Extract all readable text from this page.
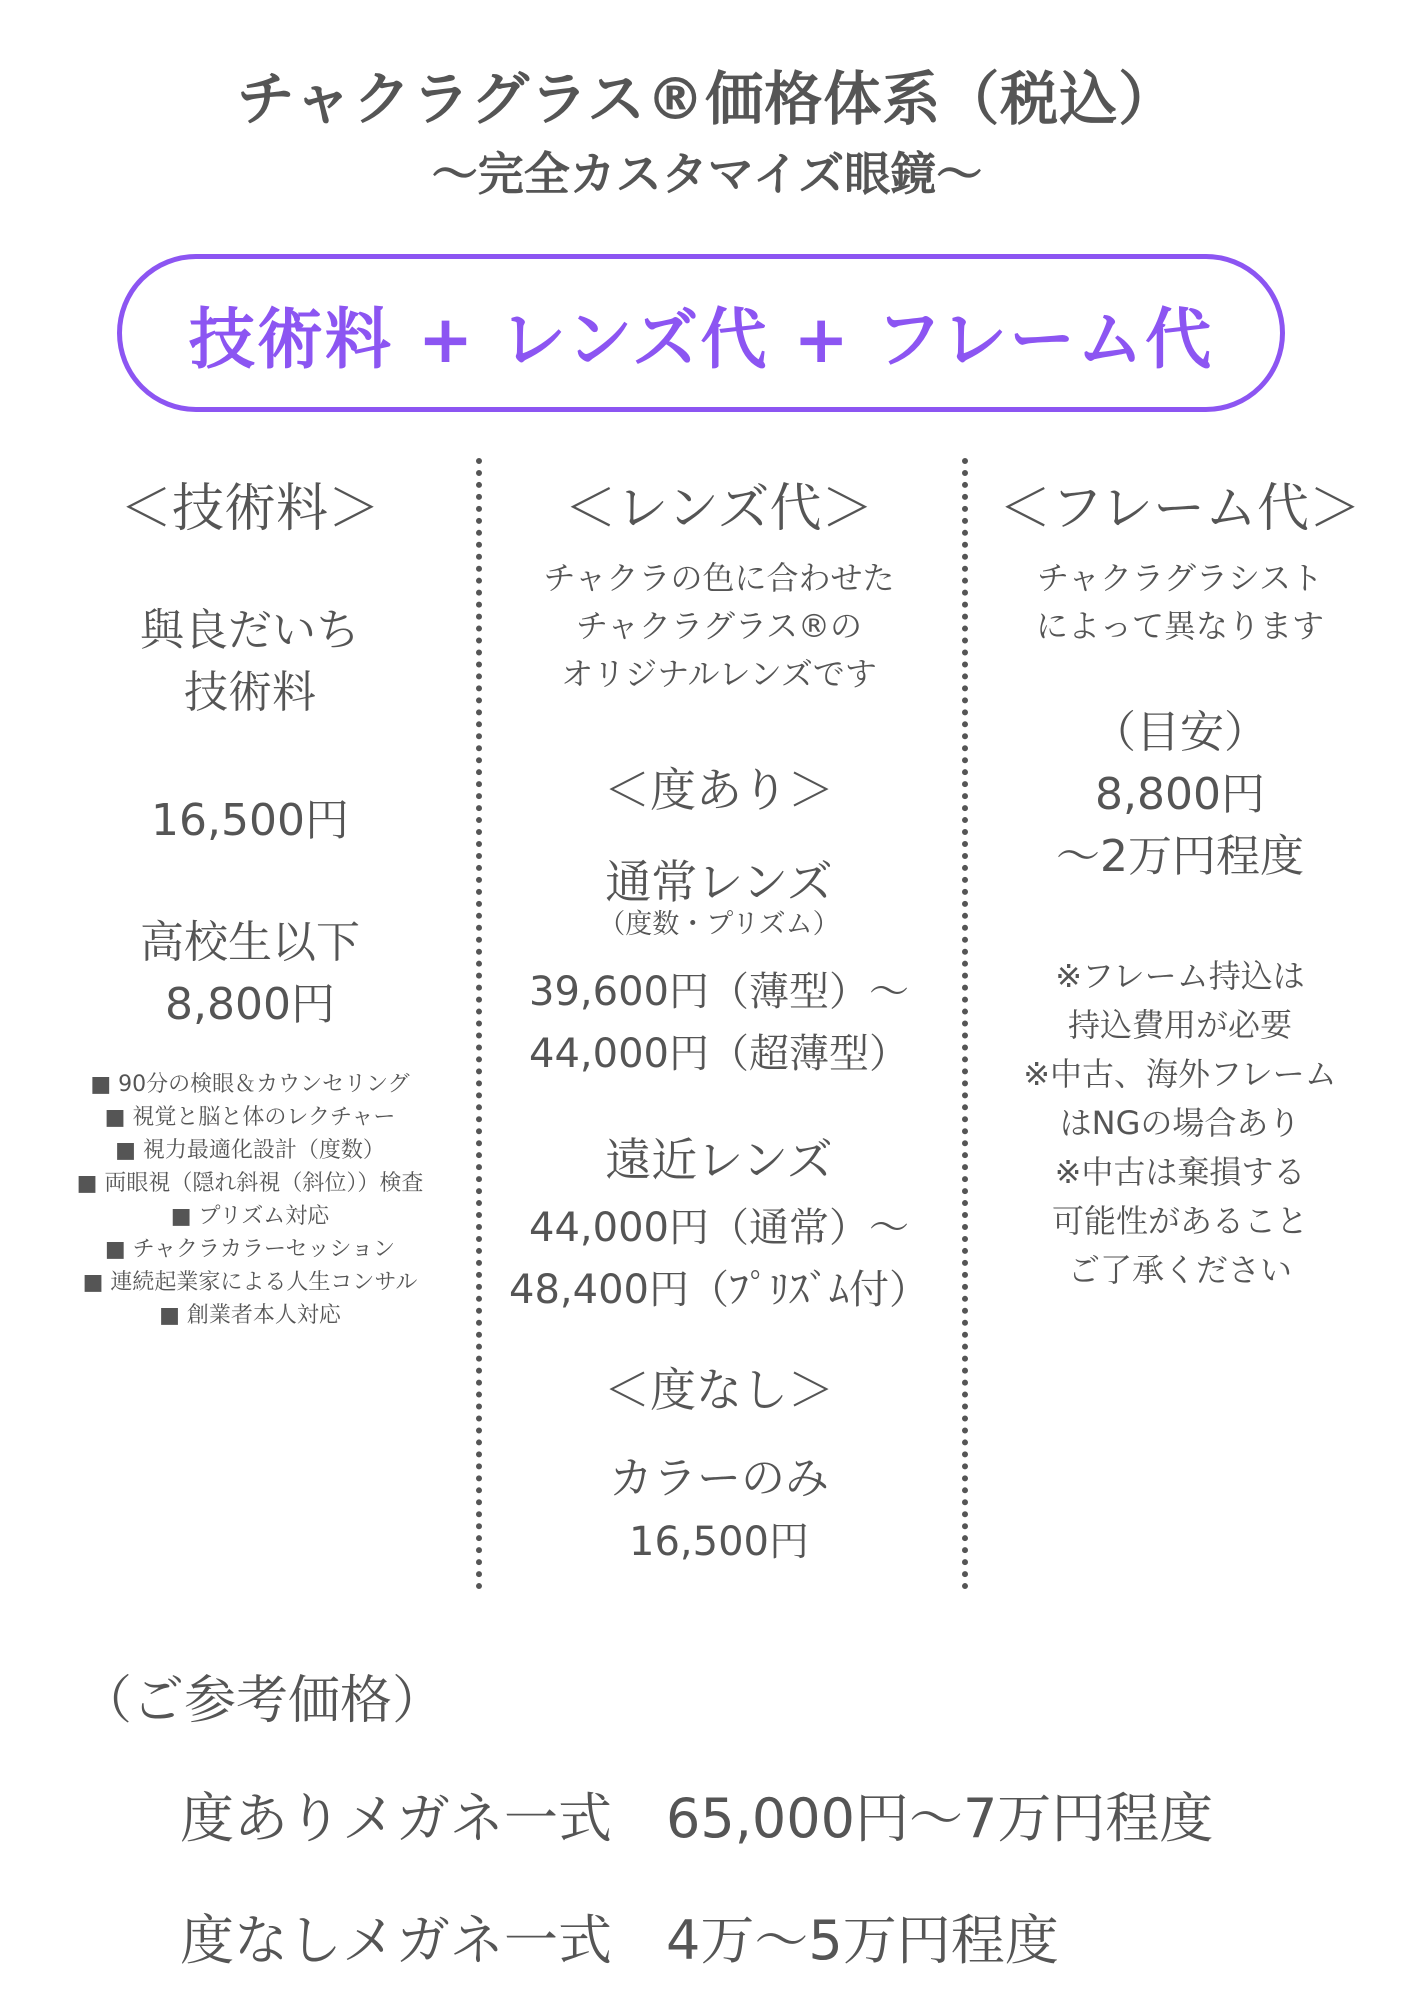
チャクラグラス®価格体系（税込）
〜完全カスタマイズ眼鏡〜
技術料 + レンズ代 + フレーム代
＜技術料＞
與良だいち
技術料
16,500円
高校生以下
8,800円
■ 90分の検眼＆カウンセリング
■ 視覚と脳と体のレクチャー
■ 視力最適化設計（度数）
■ 両眼視（隠れ斜視（斜位））検査
■ プリズム対応
■ チャクラカラーセッション
■ 連続起業家による人生コンサル
■ 創業者本人対応
＜レンズ代＞
チャクラの色に合わせた
チャクラグラス®の
オリジナルレンズです
＜度あり＞
通常レンズ
（度数・プリズム）
39,600円（薄型）〜
44,000円（超薄型）
遠近レンズ
44,000円（通常）〜
48,400円（ﾌﾟﾘｽﾞﾑ付）
＜度なし＞
カラーのみ
16,500円
＜フレーム代＞
チャクラグラシスト
によって異なります
（目安）
8,800円
〜2万円程度
※フレーム持込は
持込費用が必要
※中古、海外フレーム
はNGの場合あり
※中古は棄損する
可能性があること
ご了承ください
（ご参考価格）
度ありメガネ一式　65,000円〜7万円程度
度なしメガネ一式　4万〜5万円程度
